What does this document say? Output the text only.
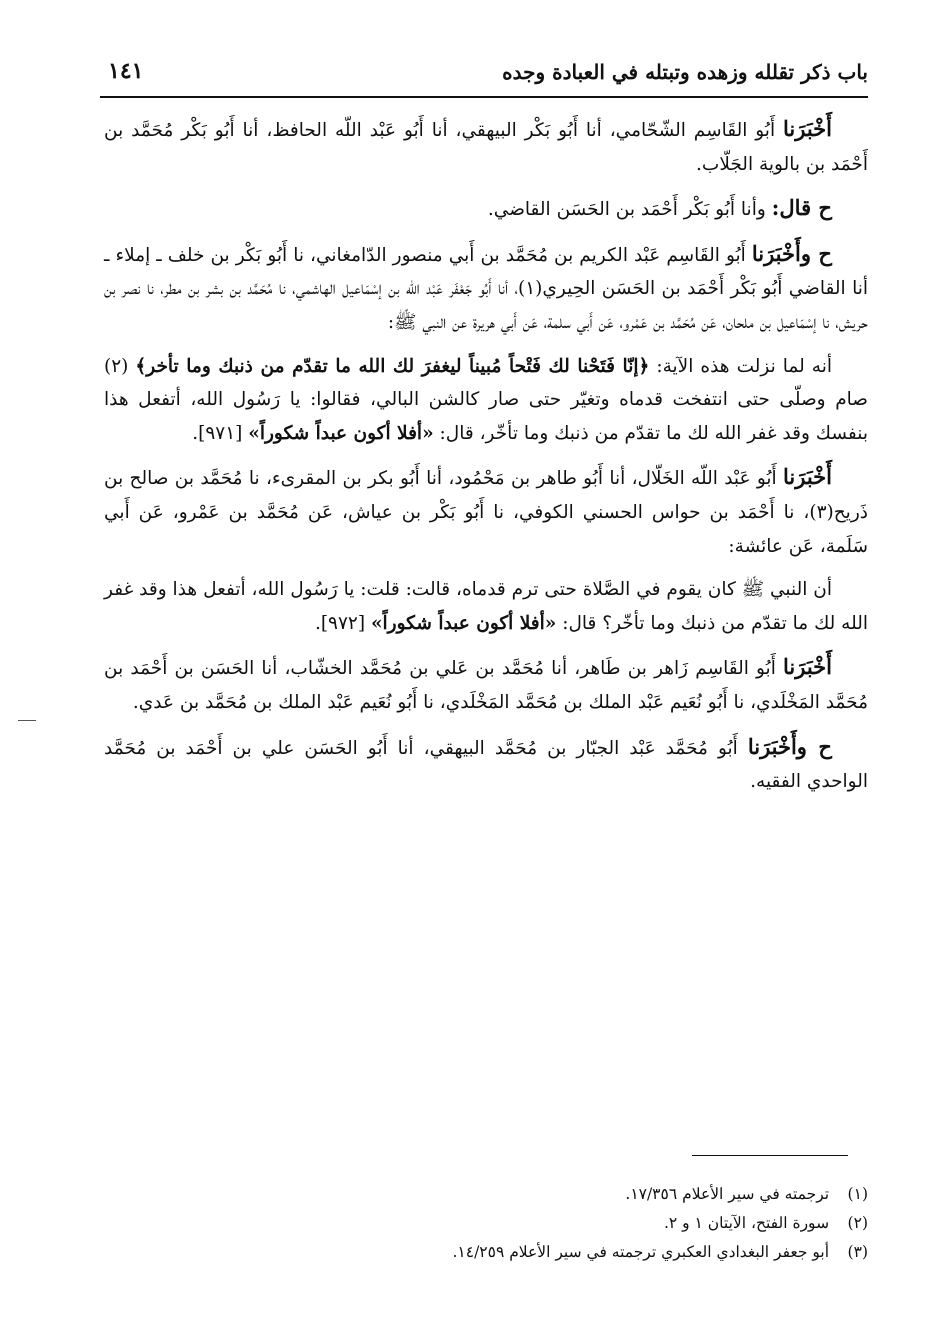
باب ذكر تقلله وزهده وتبتله في العبادة وجده
١٤١

أَخْبَرَنا أَبُو القَاسِم الشّحّامي، أنا أَبُو بَكْر البيهقي، أنا أَبُو عَبْد اللّه الحافظ، أنا أَبُو بَكْر مُحَمَّد بن أَحْمَد بن بالوية الجَلّاب.

ح قال: وأنا أَبُو بَكْر أَحْمَد بن الحَسَن القاضي.

ح وأَخْبَرَنا أَبُو القَاسِم عَبْد الكريم بن مُحَمَّد بن أَبي منصور الدّامغاني، نا أَبُو بَكْر بن خلف ـ إملاء ـ أنا القاضي أَبُو بَكْر أَحْمَد بن الحَسَن الحِيري(١)، أنا أَبُو جَعْفَر عَبْد اللّه بن إسْمَاعيل الهاشمي، نا مُحَمَّد بن بشر بن مطر، نا نصر بن حريش، نا إسْمَاعيل بن ملحان، عَن مُحَمَّد بن عَمْرو، عَن أَبي سلمة، عَن أَبي هريرة عن النبي ﷺ:

أنه لما نزلت هذه الآية: ﴿إنّا فَتَحْنا لك فَتْحاً مُبيناً ليغفرَ لك الله ما تقدّم من ذنبك وما تأخر﴾ (٢) صام وصلّى حتى انتفخت قدماه وتغيّر حتى صار كالشن البالي، فقالوا: يا رَسُول الله، أتفعل هذا بنفسك وقد غفر الله لك ما تقدّم من ذنبك وما تأخّر، قال: «أفلا أكون عبداً شكوراً» [٩٧١].

أَخْبَرَنا أَبُو عَبْد اللّه الخَلّال، أنا أَبُو طاهر بن مَحْمُود، أنا أَبُو بكر بن المقرىء، نا مُحَمَّد بن صالح بن ذَريح(٣)، نا أَحْمَد بن حواس الحسني الكوفي، نا أَبُو بَكْر بن عياش، عَن مُحَمَّد بن عَمْرو، عَن أَبي سَلَمة، عَن عائشة:

أن النبي ﷺ كان يقوم في الصَّلاة حتى ترم قدماه، قالت: قلت: يا رَسُول الله، أتفعل هذا وقد غفر الله لك ما تقدّم من ذنبك وما تأخّر؟ قال: «أفلا أكون عبداً شكوراً» [٩٧٢].

أَخْبَرَنا أَبُو القَاسِم زَاهر بن طَاهر، أنا مُحَمَّد بن عَلي بن مُحَمَّد الخشّاب، أنا الحَسَن بن أَحْمَد بن مُحَمَّد المَخْلَدي، نا أَبُو نُعَيم عَبْد الملك بن مُحَمَّد المَخْلَدي، نا أَبُو نُعَيم عَبْد الملك بن مُحَمَّد بن عَدي.

ح وأَخْبَرَنا أَبُو مُحَمَّد عَبْد الجبّار بن مُحَمَّد البيهقي، أنا أَبُو الحَسَن علي بن أَحْمَد بن مُحَمَّد الواحدي الفقيه.

(١) ترجمته في سير الأعلام ١٧/٣٥٦.
(٢) سورة الفتح، الآيتان ١ و ٢.
(٣) أبو جعفر البغدادي العكبري ترجمته في سير الأعلام ١٤/٢٥٩.
